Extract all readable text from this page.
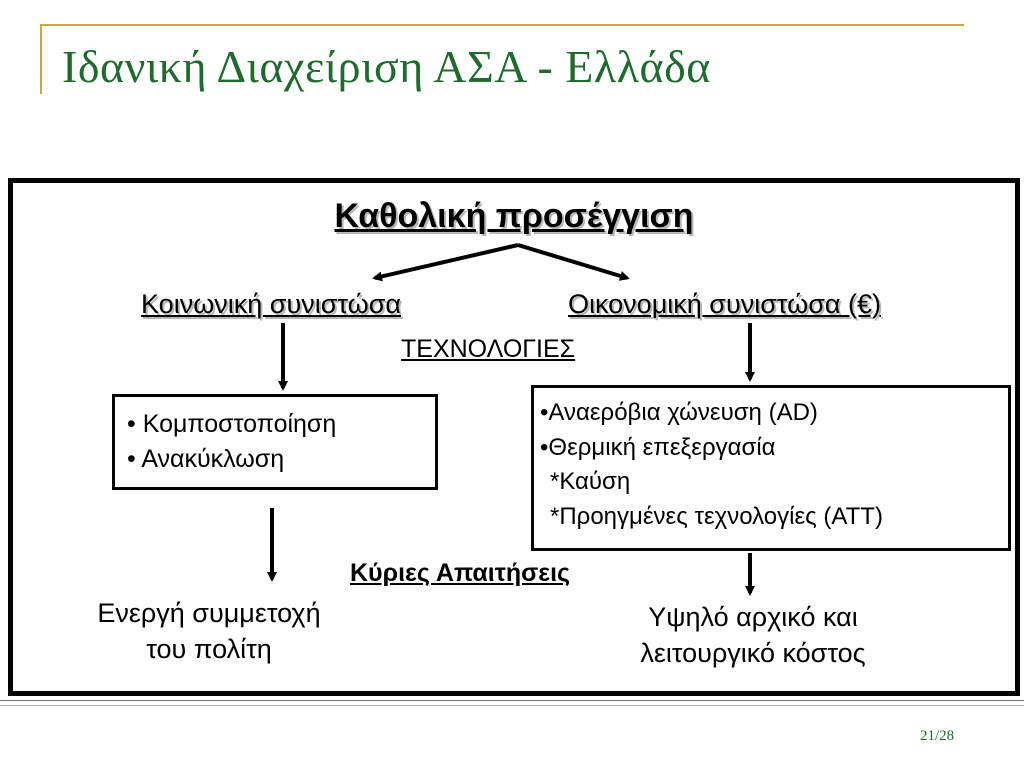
Ιδανική Διαχείριση ΑΣΑ - Ελλάδα
Καθολική προσέγγιση
Κοινωνική συνιστώσα	Οικονομική συνιστώσα (€)
ΤΕΧΝΟΛΟΓΙΕΣ
• Κομποστοποίηση
• Ανακύκλωση
•Αναερόβια χώνευση (AD)
•Θερμική επεξεργασία
*Καύση
*Προηγμένες τεχνολογίες (ATT)
Κύριες Απαιτήσεις
Ενεργή συμμετοχή
του πολίτη
Υψηλό αρχικό και
λειτουργικό κόστος
21/28
